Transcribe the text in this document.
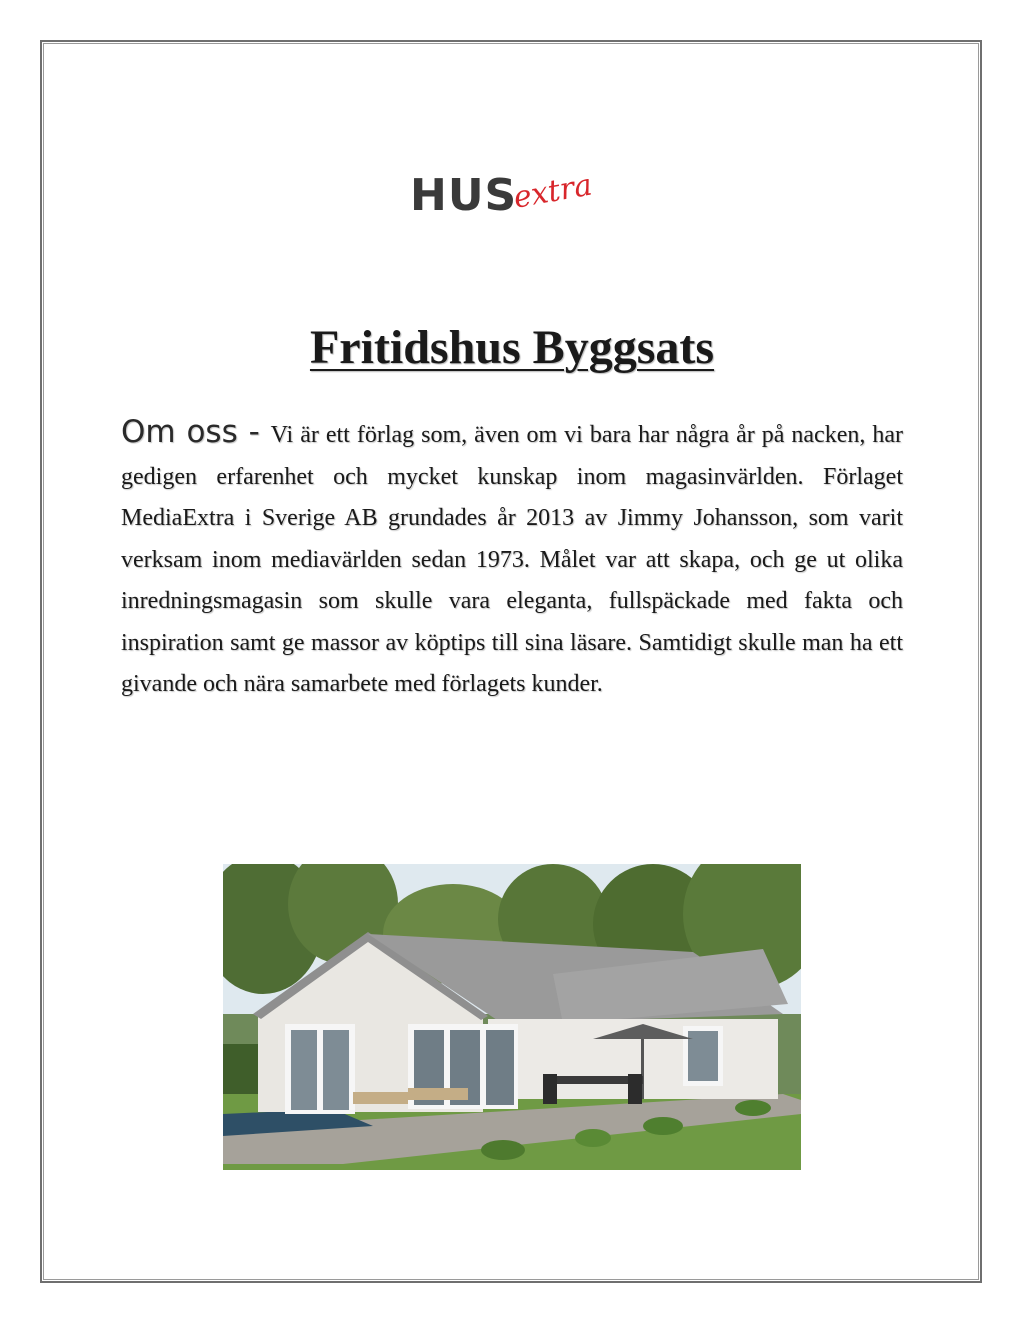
HUS
extra
Fritidshus Byggsats

Om oss - Vi är ett förlag som, även om vi bara har några år på nacken, har gedigen erfarenhet och mycket kunskap inom magasinvärlden. Förlaget MediaExtra i Sverige AB grundades år 2013 av Jimmy Johansson, som varit verksam inom mediavärlden sedan 1973. Målet var att skapa, och ge ut olika inredningsmagasin som skulle vara eleganta, fullspäckade med fakta och inspiration samt ge massor av köptips till sina läsare. Samtidigt skulle man ha ett givande och nära samarbete med förlagets kunder.
